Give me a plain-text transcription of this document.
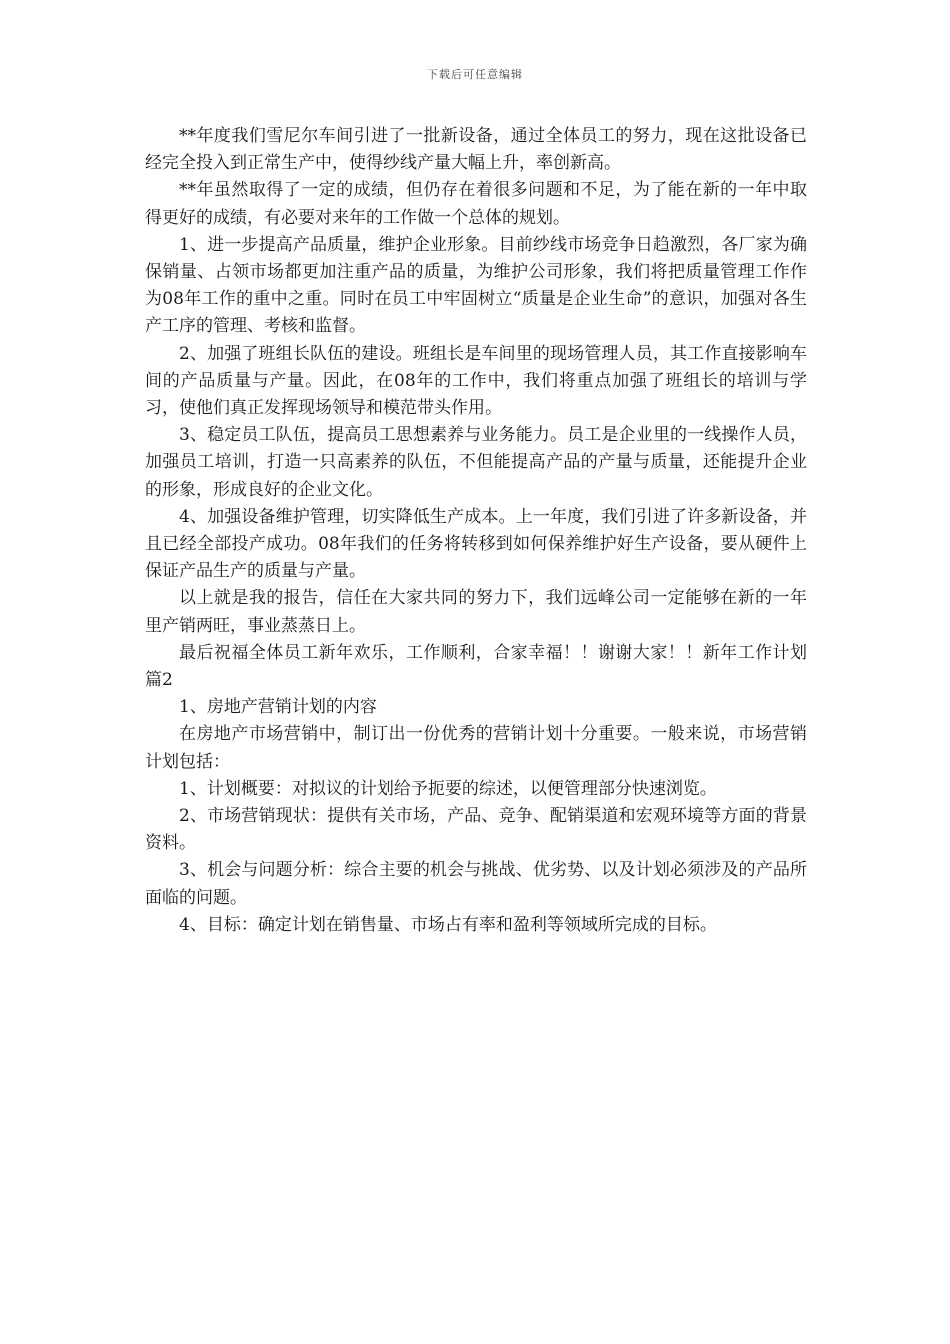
下载后可任意编辑

**年度我们雪尼尔车间引进了一批新设备，通过全体员工的努力，现在这批设备已经完全投入到正常生产中，使得纱线产量大幅上升，率创新高。

**年虽然取得了一定的成绩，但仍存在着很多问题和不足，为了能在新的一年中取得更好的成绩，有必要对来年的工作做一个总体的规划。

1、进一步提高产品质量，维护企业形象。目前纱线市场竞争日趋激烈，各厂家为确保销量、占领市场都更加注重产品的质量，为维护公司形象，我们将把质量管理工作作为08年工作的重中之重。同时在员工中牢固树立“质量是企业生命”的意识，加强对各生产工序的管理、考核和监督。

2、加强了班组长队伍的建设。班组长是车间里的现场管理人员，其工作直接影响车间的产品质量与产量。因此，在08年的工作中，我们将重点加强了班组长的培训与学习，使他们真正发挥现场领导和模范带头作用。

3、稳定员工队伍，提高员工思想素养与业务能力。员工是企业里的一线操作人员，加强员工培训，打造一只高素养的队伍，不但能提高产品的产量与质量，还能提升企业的形象，形成良好的企业文化。

4、加强设备维护管理，切实降低生产成本。上一年度，我们引进了许多新设备，并且已经全部投产成功。08年我们的任务将转移到如何保养维护好生产设备，要从硬件上保证产品生产的质量与产量。

以上就是我的报告，信任在大家共同的努力下，我们远峰公司一定能够在新的一年里产销两旺，事业蒸蒸日上。

最后祝福全体员工新年欢乐，工作顺利，合家幸福！！谢谢大家！！新年工作计划 篇2

1、房地产营销计划的内容

在房地产市场营销中，制订出一份优秀的营销计划十分重要。一般来说，市场营销计划包括：

1、计划概要：对拟议的计划给予扼要的综述，以便管理部分快速浏览。

2、市场营销现状：提供有关市场，产品、竞争、配销渠道和宏观环境等方面的背景资料。

3、机会与问题分析：综合主要的机会与挑战、优劣势、以及计划必须涉及的产品所面临的问题。

4、目标：确定计划在销售量、市场占有率和盈利等领域所完成的目标。
